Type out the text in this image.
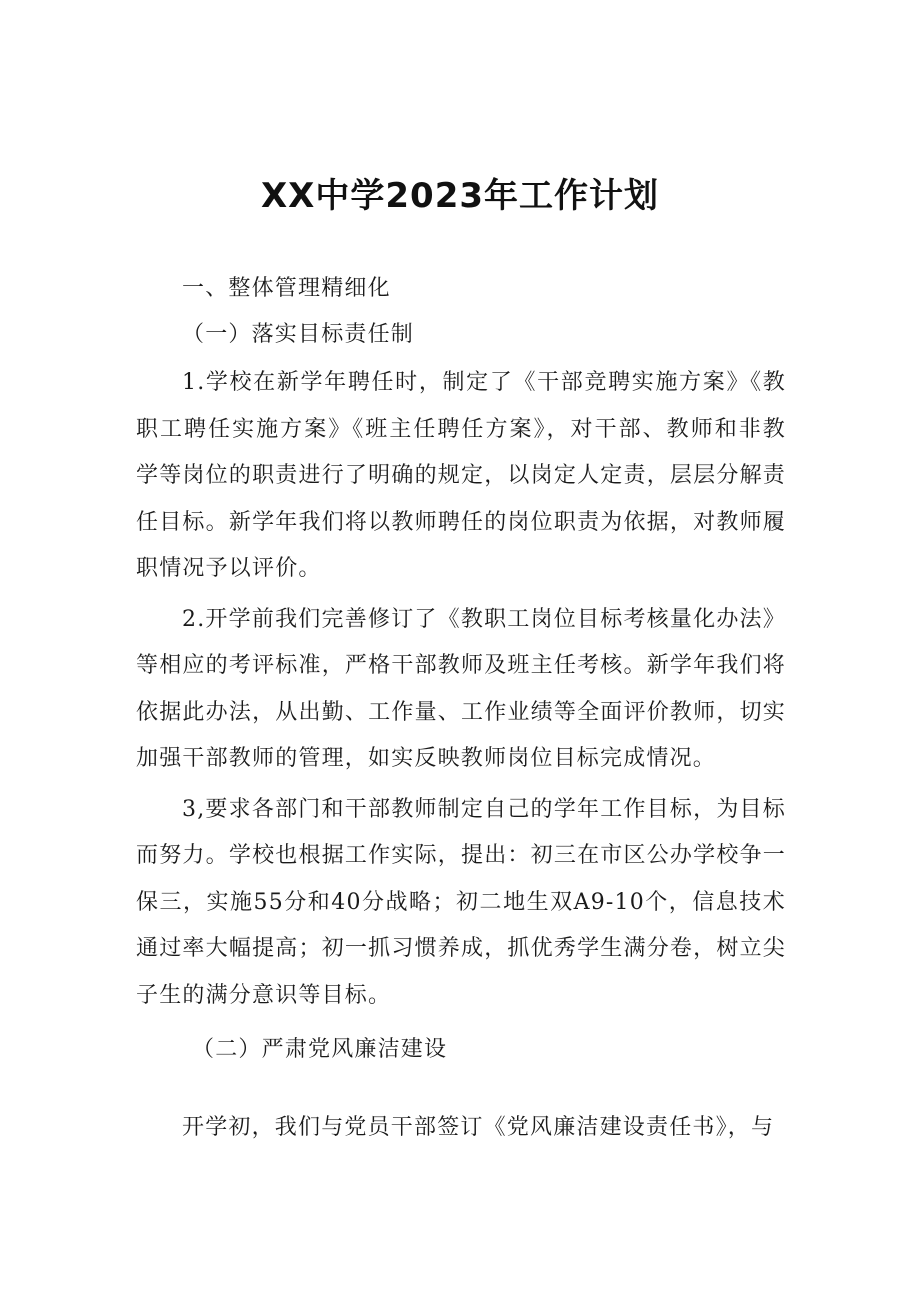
XX中学2023年工作计划

一、整体管理精细化

（一）落实目标责任制

1.学校在新学年聘任时，制定了《干部竞聘实施方案》《教职工聘任实施方案》《班主任聘任方案》，对干部、教师和非教学等岗位的职责进行了明确的规定，以岗定人定责，层层分解责任目标。新学年我们将以教师聘任的岗位职责为依据，对教师履职情况予以评价。

2.开学前我们完善修订了《教职工岗位目标考核量化办法》等相应的考评标准，严格干部教师及班主任考核。新学年我们将依据此办法，从出勤、工作量、工作业绩等全面评价教师，切实加强干部教师的管理，如实反映教师岗位目标完成情况。

3,要求各部门和干部教师制定自己的学年工作目标，为目标而努力。学校也根据工作实际，提出：初三在市区公办学校争一保三，实施55分和40分战略；初二地生双A9-10个，信息技术通过率大幅提高；初一抓习惯养成，抓优秀学生满分卷，树立尖子生的满分意识等目标。

（二）严肃党风廉洁建设

开学初，我们与党员干部签订《党风廉洁建设责任书》，与
